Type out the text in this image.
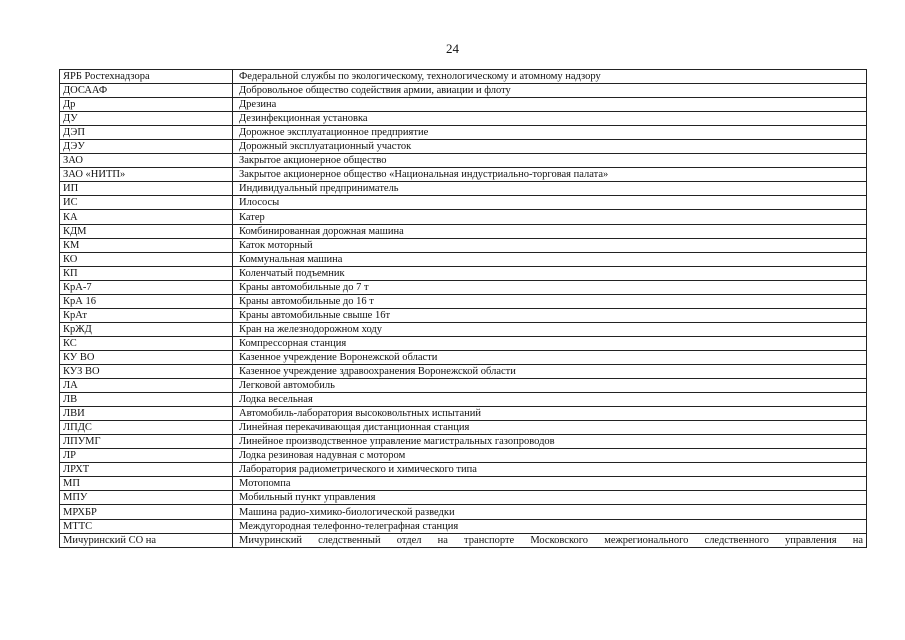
24
ЯРБ Ростехнадзора	Федеральной службы по экологическому, технологическому и атомному надзору
ДОСААФ	Добровольное общество содействия армии, авиации и флоту
Др	Дрезина
ДУ	Дезинфекционная установка
ДЭП	Дорожное эксплуатационное предприятие
ДЭУ	Дорожный эксплуатационный участок
ЗАО	Закрытое акционерное общество
ЗАО «НИТП»	Закрытое акционерное общество «Национальная индустриально-торговая палата»
ИП	Индивидуальный предприниматель
ИС	Илососы
КА	Катер
КДМ	Комбинированная дорожная машина
КМ	Каток моторный
КО	Коммунальная машина
КП	Коленчатый подъемник
КрА-7	Краны автомобильные до 7 т
КрА 16	Краны автомобильные до 16 т
КрАт	Краны автомобильные свыше 16т
КрЖД	Кран на железнодорожном ходу
КС	Компрессорная станция
КУ ВО	Казенное учреждение Воронежской области
КУЗ ВО	Казенное учреждение здравоохранения Воронежской области
ЛА	Легковой автомобиль
ЛВ	Лодка весельная
ЛВИ	Автомобиль-лаборатория высоковольтных испытаний
ЛПДС	Линейная перекачивающая дистанционная станция
ЛПУМГ	Линейное производственное управление магистральных газопроводов
ЛР	Лодка резиновая надувная с мотором
ЛРХТ	Лаборатория радиометрического и химического типа
МП	Мотопомпа
МПУ	Мобильный пункт управления
МРХБР	Машина радио-химико-биологической разведки
МТТС	Междугородная телефонно-телеграфная станция
Мичуринский СО на	Мичуринский следственный отдел на транспорте Московского межрегионального следственного управления на
